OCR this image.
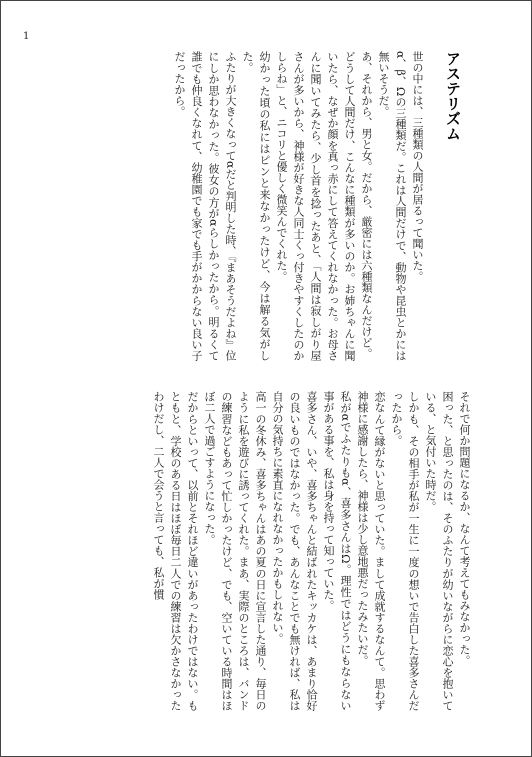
1

アステリズム

世の中には、三種類の人間が居るって聞いた。

α、β、Ωの三種類だ。これは人間だけで、動物や昆虫とかには無いそうだ。

あ、それから、男と女。だから、厳密には六種類なんだけど。

どうして人間だけ、こんなに種類が多いのか。お姉ちゃんに聞いたら、なぜか顔を真っ赤にして答えてくれなかった。お母さんに聞いてみたら、少し首を捻ったあと、「人間は寂しがり屋さんが多いから、神様が好きな人同士くっ付きやすくしたのかしらね」と、ニコリと優しく微笑んでくれた。

幼かった頃の私にはピンと来なかったけど、今は解る気がした。

ふたりが大きくなってαだと判明した時、『まあそうだよね』位にしか思わなかった。彼女の方がαらしかったから。明るくて誰でも仲良くなれて、幼稚園でも家でも手がかからない良い子だったから。

それで何か問題になるか、なんて考えてもみなかった。

困った、と思ったのは、そのふたりが幼いながらに恋心を抱いている、と気付いた時だ。

しかも、その相手が私が一生に一度の想いで告白した喜多さんだったから。

恋なんて縁がないと思っていた。まして成就するなんて。思わず神様に感謝したら、神様は少し意地悪だったみたいだ。

私がαでふたりもα、喜多さんはΩ。理性ではどうにもならない事がある事を、私は身を持って知っていた。

喜多さん、いや、喜多ちゃんと結ばれたキッカケは、あまり恰好の良いものではなかった。でも、あんなことでも無ければ、私は自分の気持ちに素直になれなかったかもしれない。

高一の冬休み、喜多ちゃんはあの夏の日に宣言した通り、毎日のように私を遊びに誘ってくれた。まあ、実際のところは、バンドの練習などもあって忙しかったけど、でも、空いている時間はほぼ二人で過ごすようになった。

だからといって、以前とそれほど違いがあったわけではない。もともと、学校のある日はほぼ毎日二人での練習は欠かさなかったわけだし、二人で会うと言っても、私が慣
